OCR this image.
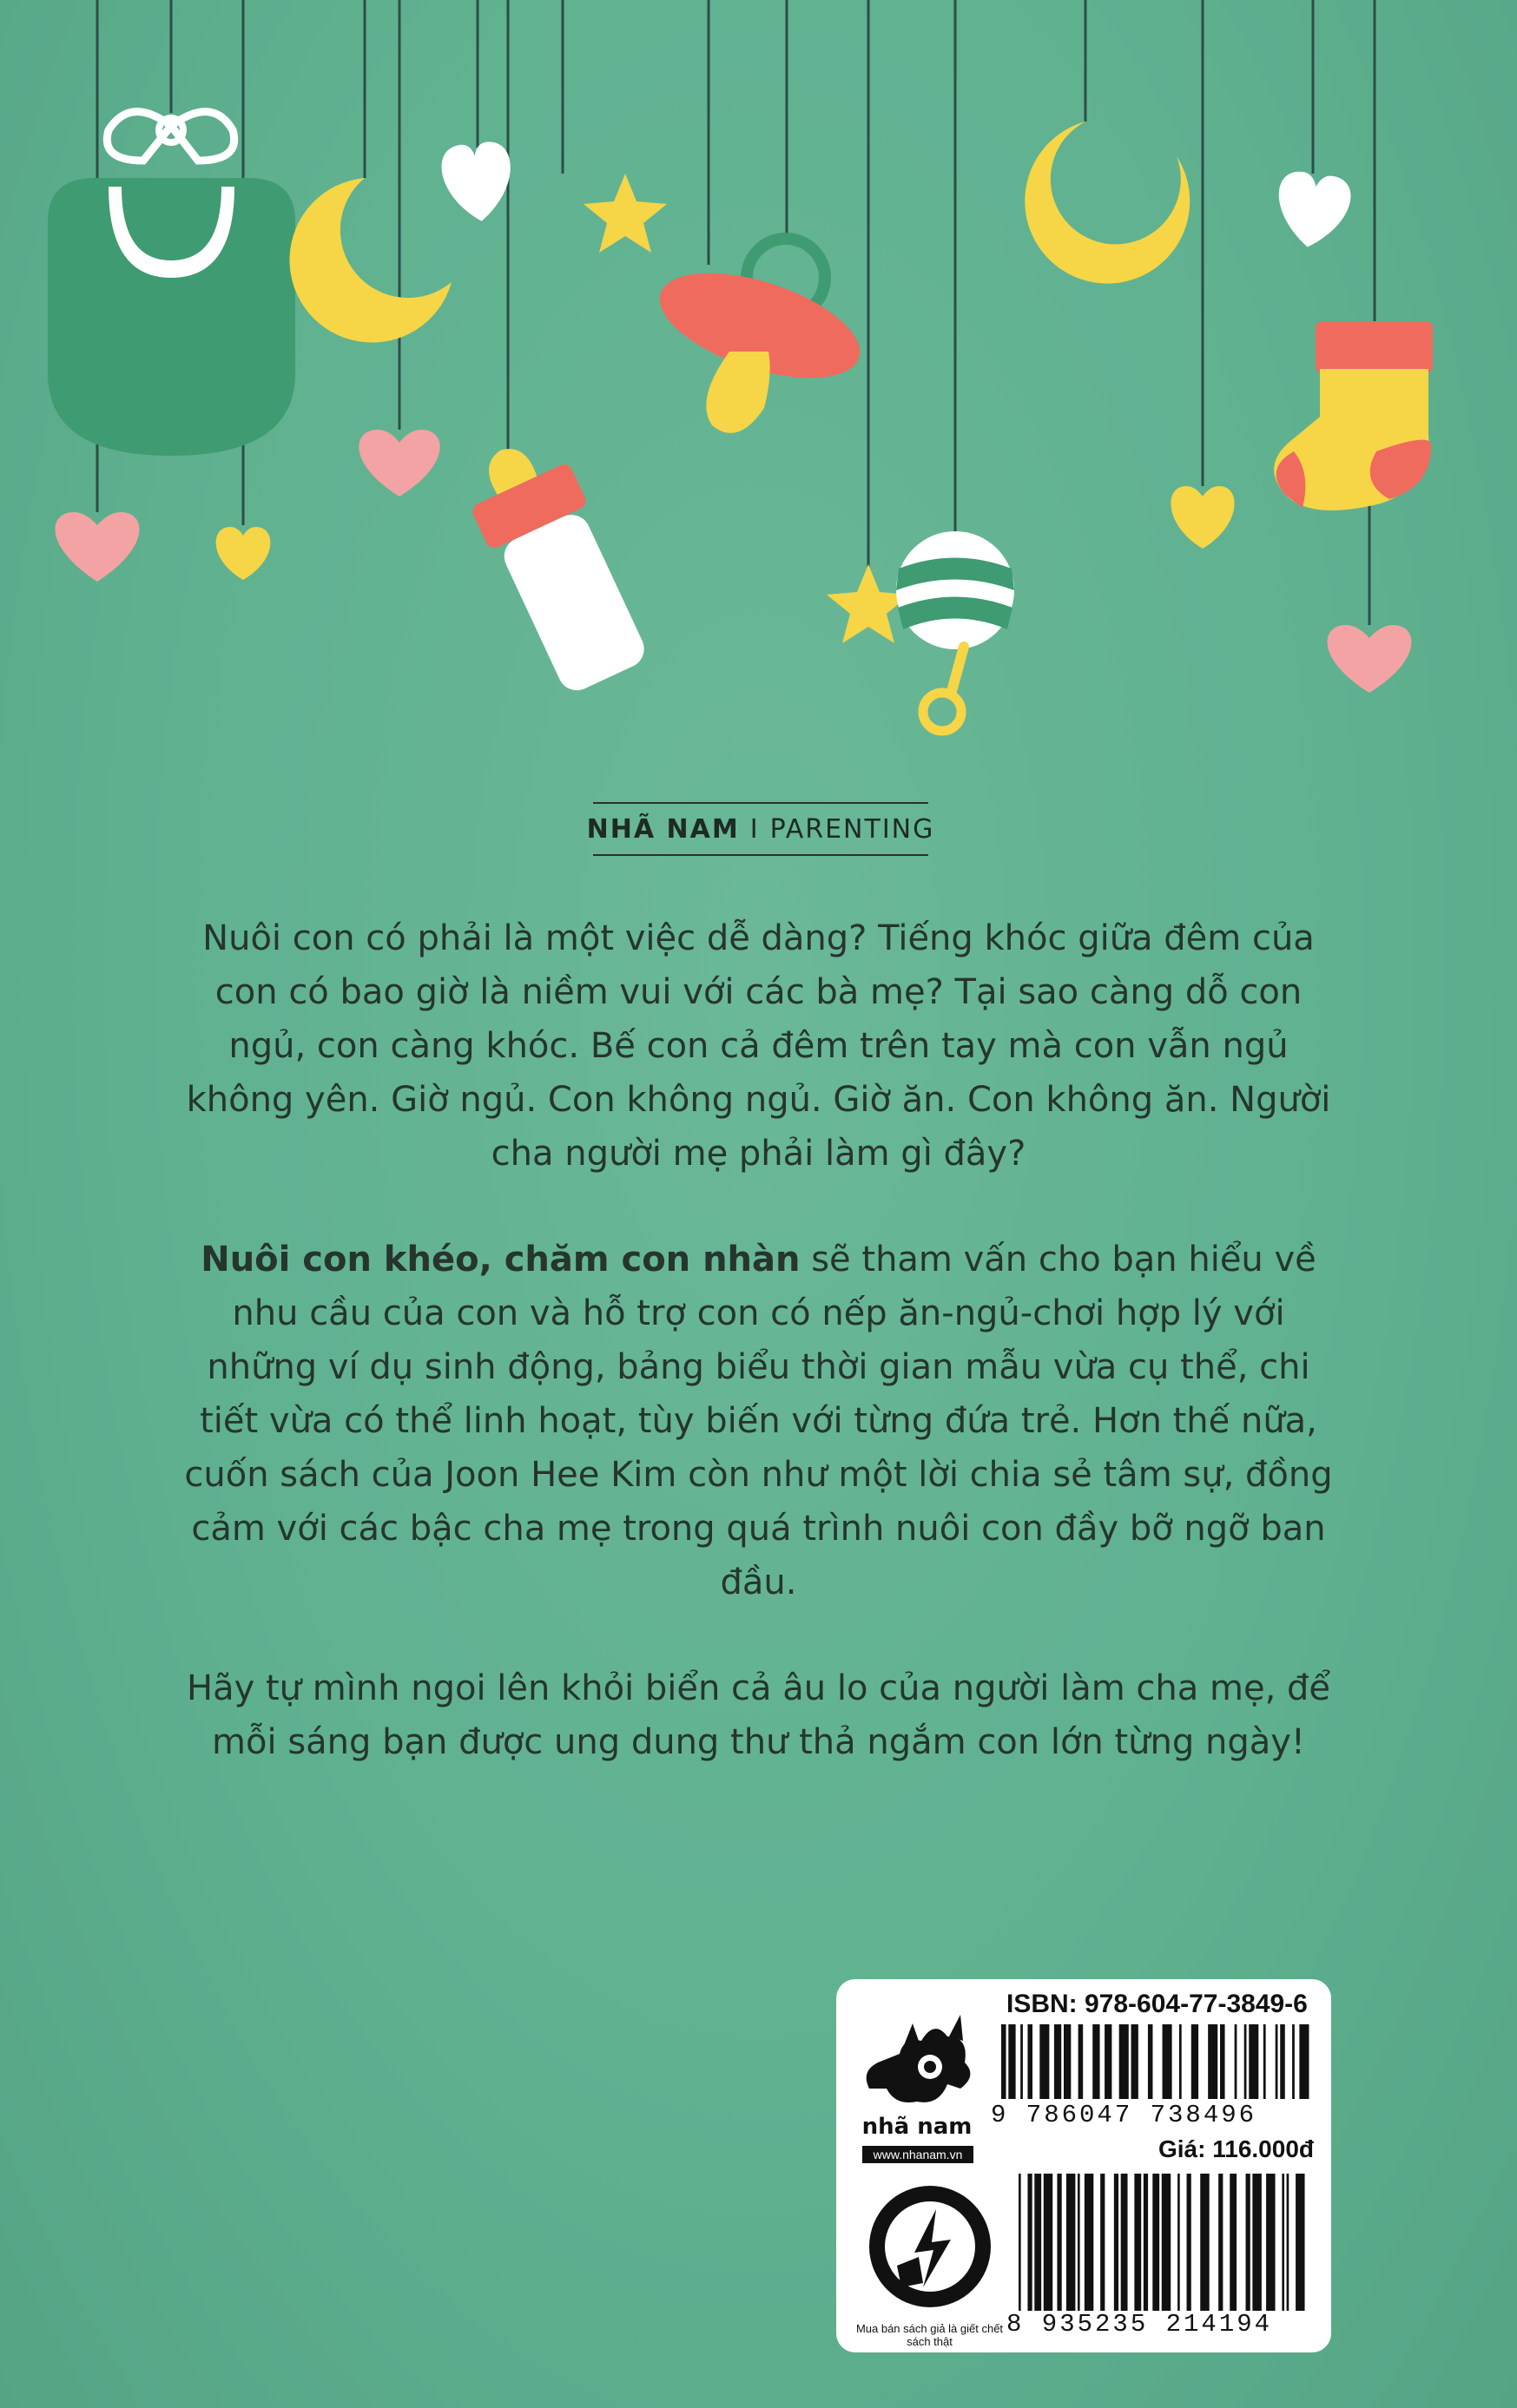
NHÃ NAM I PARENTING

Nuôi con có phải là một việc dễ dàng? Tiếng khóc giữa đêm của con có bao giờ là niềm vui với các bà mẹ? Tại sao càng dỗ con ngủ, con càng khóc. Bế con cả đêm trên tay mà con vẫn ngủ không yên. Giờ ngủ. Con không ngủ. Giờ ăn. Con không ăn. Người cha người mẹ phải làm gì đây?

Nuôi con khéo, chăm con nhàn sẽ tham vấn cho bạn hiểu về nhu cầu của con và hỗ trợ con có nếp ăn-ngủ-chơi hợp lý với những ví dụ sinh động, bảng biểu thời gian mẫu vừa cụ thể, chi tiết vừa có thể linh hoạt, tùy biến với từng đứa trẻ. Hơn thế nữa, cuốn sách của Joon Hee Kim còn như một lời chia sẻ tâm sự, đồng cảm với các bậc cha mẹ trong quá trình nuôi con đầy bỡ ngỡ ban đầu.

Hãy tự mình ngoi lên khỏi biển cả âu lo của người làm cha mẹ, để mỗi sáng bạn được ung dung thư thả ngắm con lớn từng ngày!

nhã nam
www.nhanam.vn
Mua bán sách giả là giết chết sách thật
ISBN: 978-604-77-3849-6
9 786047 738496
Giá: 116.000đ
8 935235 214194
